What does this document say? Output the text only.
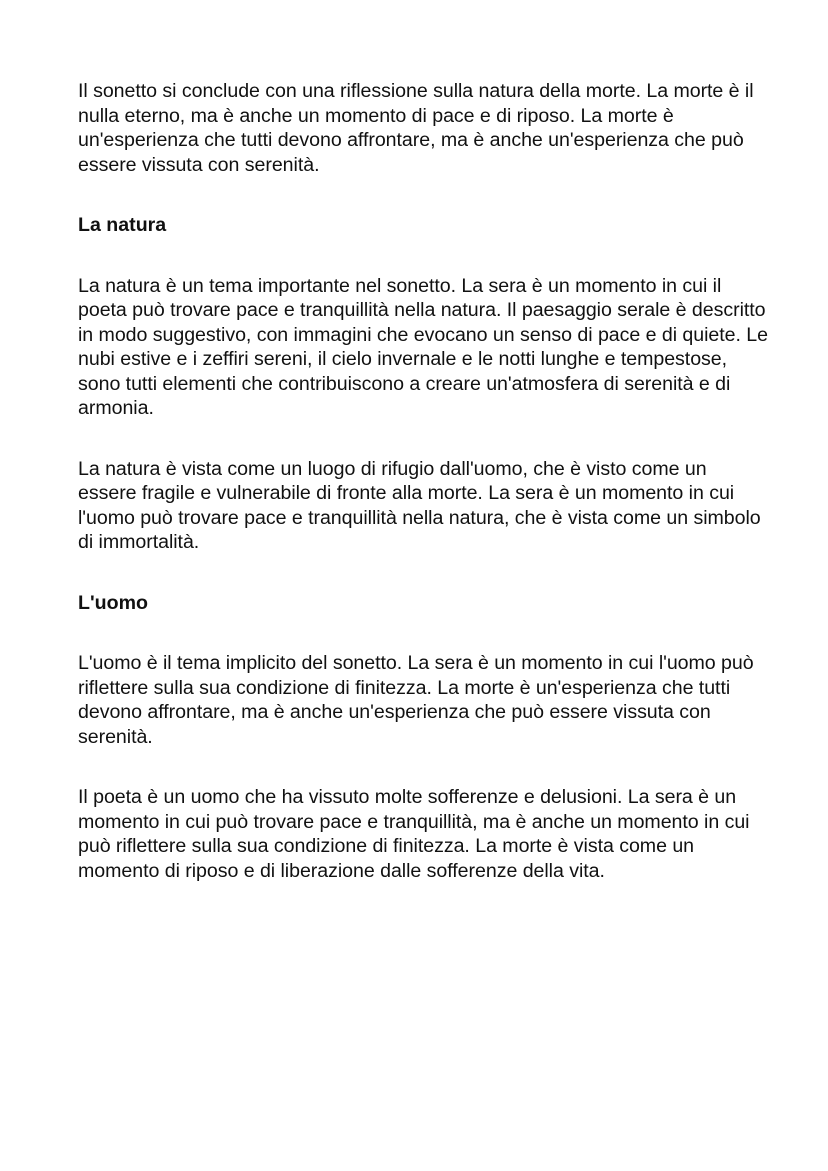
Il sonetto si conclude con una riflessione sulla natura della morte. La morte è il nulla eterno, ma è anche un momento di pace e di riposo. La morte è un'esperienza che tutti devono affrontare, ma è anche un'esperienza che può essere vissuta con serenità.

La natura

La natura è un tema importante nel sonetto. La sera è un momento in cui il poeta può trovare pace e tranquillità nella natura. Il paesaggio serale è descritto in modo suggestivo, con immagini che evocano un senso di pace e di quiete. Le nubi estive e i zeffiri sereni, il cielo invernale e le notti lunghe e tempestose, sono tutti elementi che contribuiscono a creare un'atmosfera di serenità e di armonia.

La natura è vista come un luogo di rifugio dall'uomo, che è visto come un essere fragile e vulnerabile di fronte alla morte. La sera è un momento in cui l'uomo può trovare pace e tranquillità nella natura, che è vista come un simbolo di immortalità.

L'uomo

L'uomo è il tema implicito del sonetto. La sera è un momento in cui l'uomo può riflettere sulla sua condizione di finitezza. La morte è un'esperienza che tutti devono affrontare, ma è anche un'esperienza che può essere vissuta con serenità.

Il poeta è un uomo che ha vissuto molte sofferenze e delusioni. La sera è un momento in cui può trovare pace e tranquillità, ma è anche un momento in cui può riflettere sulla sua condizione di finitezza. La morte è vista come un momento di riposo e di liberazione dalle sofferenze della vita.
